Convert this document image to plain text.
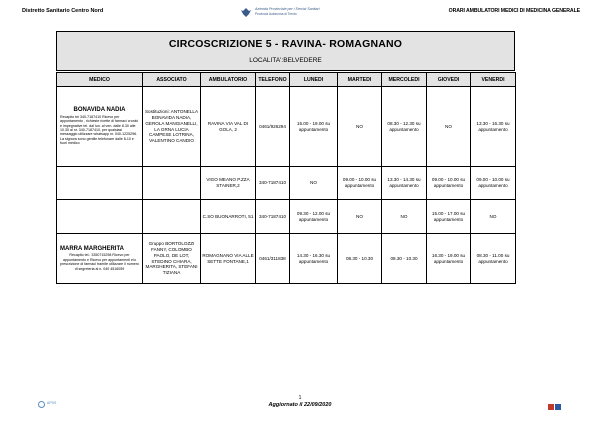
Distretto Sanitario Centro Nord	Azienda Provinciale per i Servizi Sanitari
Provincia Autonoma di Trento	ORARI AMBULATORI MEDICI DI MEDICINA GENERALE
CIRCOSCRIZIONE 5 - RAVINA- ROMAGNANO
LOCALITA':BELVEDERE
MEDICO	ASSOCIATO	AMBULATORIO	TELEFONO	LUNEDI	MARTEDI	MERCOLEDI	GIOVEDI	VENERDI

BONAVIDA NADIA
Recapito tel 340-7187410 Ricevo per appuntamento , richieste ricette di farmaci cronici e impegnative tel. dal lun. al ven. dalle 8.30 alle 10.30 al nr. 340-7187410, per qualsiasi messaggio utilizzare whatsapp nr. 040-1225296. La signora sono gentile telefonare dalle 8-10 e fuori medico	Sostituzioni: ANTONELLA BONAVIDA NADIA, GEROLA MANGIANELLI, LA GRNA LUCIA CAMPESE LOTRINA, VALENTINO CANDIO	RAVINA VIA VAL DI GOLA, 2	0461/926294	15.00 - 19.00 su appuntamento	NO	08.30 - 12.30 su appuntamento	NO	13.30 - 16.30 su appuntamento
		VIGO MEANO P.ZZA STAINER,2	340-7187410	NO	09.00 - 10.00 su appuntamento	13.30 - 14.30 su appuntamento	09.00 - 10.00 su appuntamento	09.00 - 10.00 su appuntamento
		C.SO BUONARROTI, 51	340-7187410	09.30 - 12.00 su appuntamento	NO	NO	15.00 - 17.00 su appuntamento	NO

MARRA MARGHERITA
Recapito tel.: 3350715298 Ricevo per appuntamento e Ricevo per appuntamenti e/o prescrizione di farmaci tramite utilizzare il numero di segreteria al n. 040 4516059	Gruppo BORTOLOZZI FANNY, COLOMBO PAOLO, DE LOT, STEDINO CHIARA, MARGHERITA, STEFANI TIZIANA	ROMAGNANO VIA ALLE SETTE FONTANE,1	0461/311838	14.30 - 16.30 su appuntamento	08.30 - 10.30	08.30 - 10.30	16.30 - 19.00 su appuntamento	08.30 - 11.00 su appuntamento
APSS
1
Aggiornato il 22/09/2020
